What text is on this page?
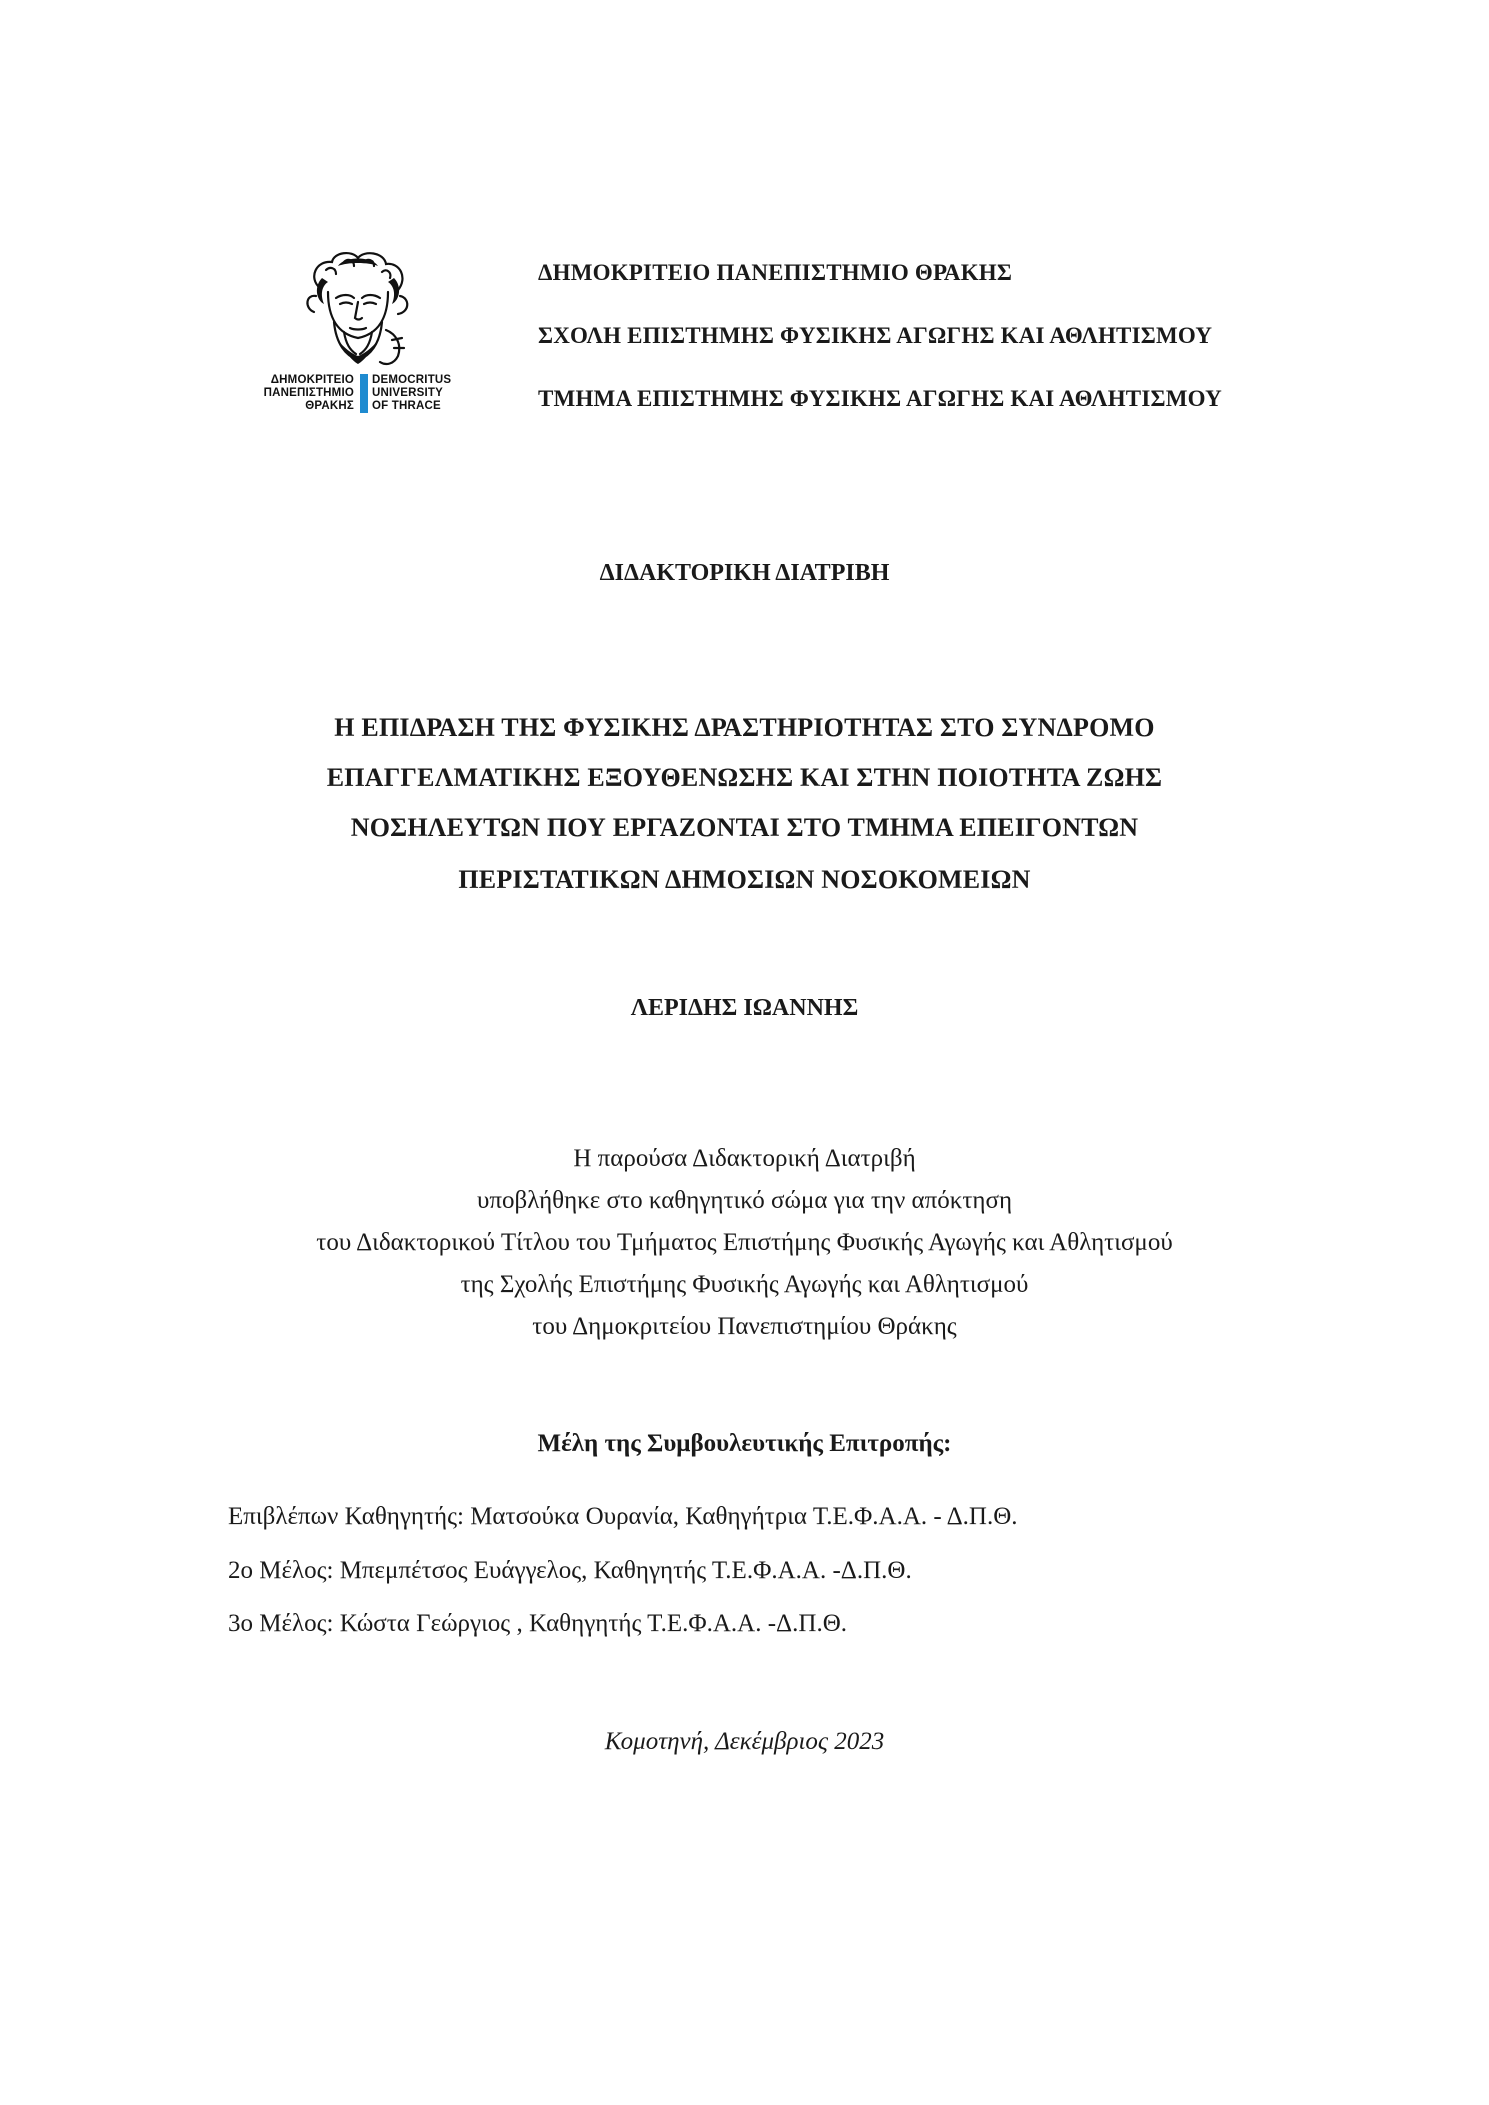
ΔΗΜΟΚΡΙΤΕΙΟ
ΠΑΝΕΠΙΣΤΗΜΙΟ
ΘΡΑΚΗΣ
DEMOCRITUS
UNIVERSITY
OF THRACE
ΔΗΜΟΚΡΙΤΕΙΟ ΠΑΝΕΠΙΣΤΗΜΙΟ ΘΡΑΚΗΣ
ΣΧΟΛΗ ΕΠΙΣΤΗΜΗΣ ΦΥΣΙΚΗΣ ΑΓΩΓΗΣ ΚΑΙ ΑΘΛΗΤΙΣΜΟΥ
ΤΜΗΜΑ ΕΠΙΣΤΗΜΗΣ ΦΥΣΙΚΗΣ ΑΓΩΓΗΣ ΚΑΙ ΑΘΛΗΤΙΣΜΟΥ
ΔΙΔΑΚΤΟΡΙΚΗ ΔΙΑΤΡΙΒΗ
Η ΕΠΙΔΡΑΣΗ ΤΗΣ ΦΥΣΙΚΗΣ ΔΡΑΣΤΗΡΙΟΤΗΤΑΣ ΣΤΟ ΣΥΝΔΡΟΜΟ
ΕΠΑΓΓΕΛΜΑΤΙΚΗΣ ΕΞΟΥΘΕΝΩΣΗΣ ΚΑΙ ΣΤΗΝ ΠΟΙΟΤΗΤΑ ΖΩΗΣ
ΝΟΣΗΛΕΥΤΩΝ ΠΟΥ ΕΡΓΑΖΟΝΤΑΙ ΣΤΟ ΤΜΗΜΑ ΕΠΕΙΓΟΝΤΩΝ
ΠΕΡΙΣΤΑΤΙΚΩΝ ΔΗΜΟΣΙΩΝ ΝΟΣΟΚΟΜΕΙΩΝ
ΛΕΡΙΔΗΣ ΙΩΑΝΝΗΣ
Η παρούσα Διδακτορική Διατριβή
υποβλήθηκε στο καθηγητικό σώμα για την απόκτηση
του Διδακτορικού Τίτλου του Τμήματος Επιστήμης Φυσικής Αγωγής και Αθλητισμού
της Σχολής Επιστήμης Φυσικής Αγωγής και Αθλητισμού
του Δημοκριτείου Πανεπιστημίου Θράκης
Μέλη της Συμβουλευτικής Επιτροπής:
Επιβλέπων Καθηγητής: Ματσούκα Ουρανία, Καθηγήτρια Τ.Ε.Φ.Α.Α. - Δ.Π.Θ.
2ο Μέλος: Μπεμπέτσος Ευάγγελος, Καθηγητής Τ.Ε.Φ.Α.Α. -Δ.Π.Θ.
3ο Μέλος: Κώστα Γεώργιος , Καθηγητής Τ.Ε.Φ.Α.Α. -Δ.Π.Θ.
Κομοτηνή, Δεκέμβριος 2023
